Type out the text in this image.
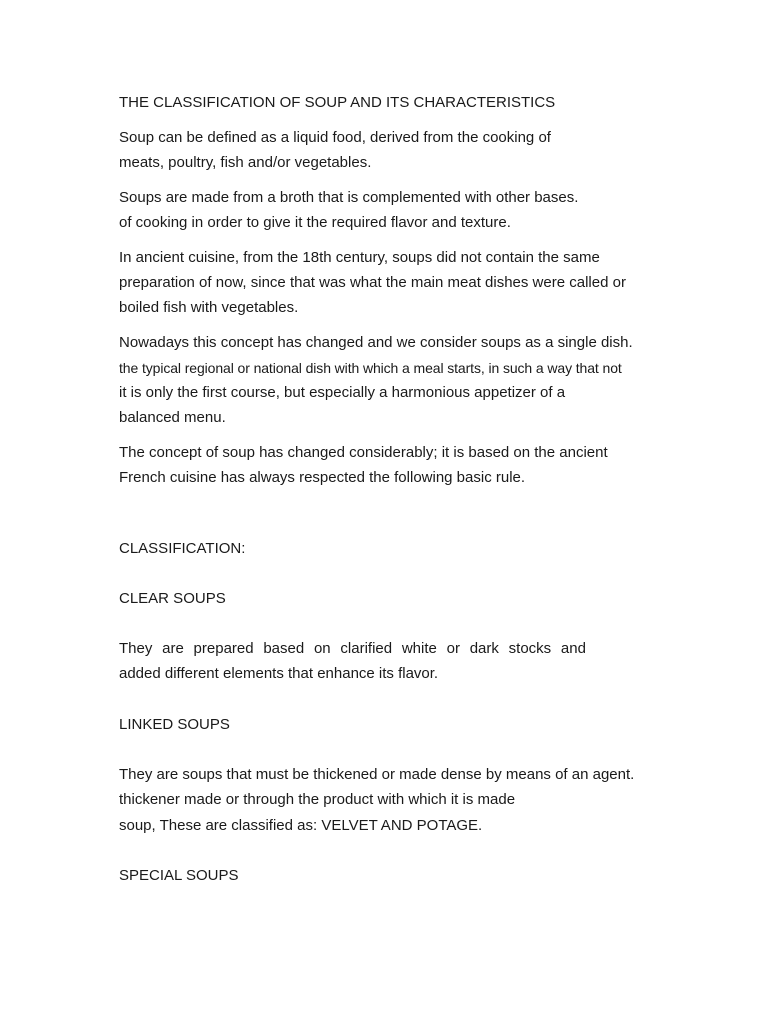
THE CLASSIFICATION OF SOUP AND ITS CHARACTERISTICS
Soup can be defined as a liquid food, derived from the cooking of
meats, poultry, fish and/or vegetables.
Soups are made from a broth that is complemented with other bases.
of cooking in order to give it the required flavor and texture.
In ancient cuisine, from the 18th century, soups did not contain the same
preparation of now, since that was what the main meat dishes were called or
boiled fish with vegetables.
Nowadays this concept has changed and we consider soups as a single dish.
the typical regional or national dish with which a meal starts, in such a way that not
it is only the first course, but especially a harmonious appetizer of a
balanced menu.
The concept of soup has changed considerably; it is based on the ancient
French cuisine has always respected the following basic rule.
CLASSIFICATION:
CLEAR SOUPS
They are prepared based on clarified white or dark stocks and
added different elements that enhance its flavor.
LINKED SOUPS
They are soups that must be thickened or made dense by means of an agent.
thickener made or through the product with which it is made
soup, These are classified as: VELVET AND POTAGE.
SPECIAL SOUPS
